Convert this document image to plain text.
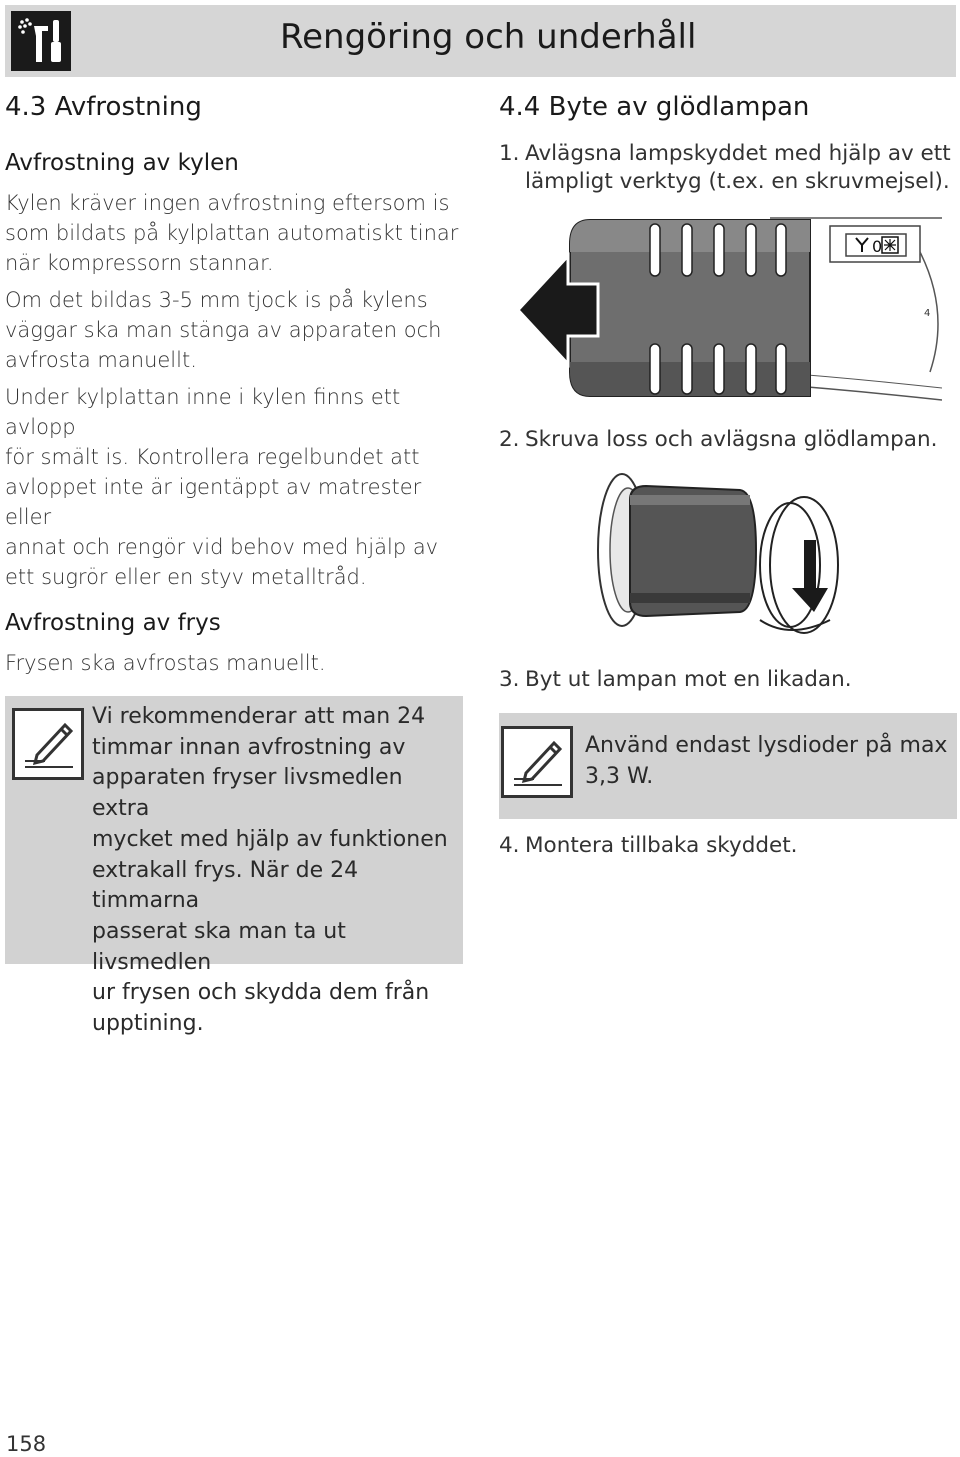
Rengöring och underhåll
4.3 Avfrostning
Avfrostning av kylen

Kylen kräver ingen avfrostning eftersom is
som bildats på kylplattan automatiskt tinar
när kompressorn stannar.

Om det bildas 3-5 mm tjock is på kylens
väggar ska man stänga av apparaten och
avfrosta manuellt.

Under kylplattan inne i kylen finns ett avlopp
för smält is. Kontrollera regelbundet att
avloppet inte är igentäppt av matrester eller
annat och rengör vid behov med hjälp av
ett sugrör eller en styv metalltråd.

Avfrostning av frys

Frysen ska avfrostas manuellt.

Vi rekommenderar att man 24
timmar innan avfrostning av
apparaten fryser livsmedlen extra
mycket med hjälp av funktionen
extrakall frys. När de 24 timmarna
passerat ska man ta ut livsmedlen
ur frysen och skydda dem från
upptining.
4.4 Byte av glödlampan

1. Avlägsna lampskyddet med hjälp av ett
lämpligt verktyg (t.ex. en skruvmejsel).

4
0

2. Skruva loss och avlägsna glödlampan.

3. Byt ut lampan mot en likadan.

Använd endast lysdioder på max
3,3 W.

4. Montera tillbaka skyddet.

158
